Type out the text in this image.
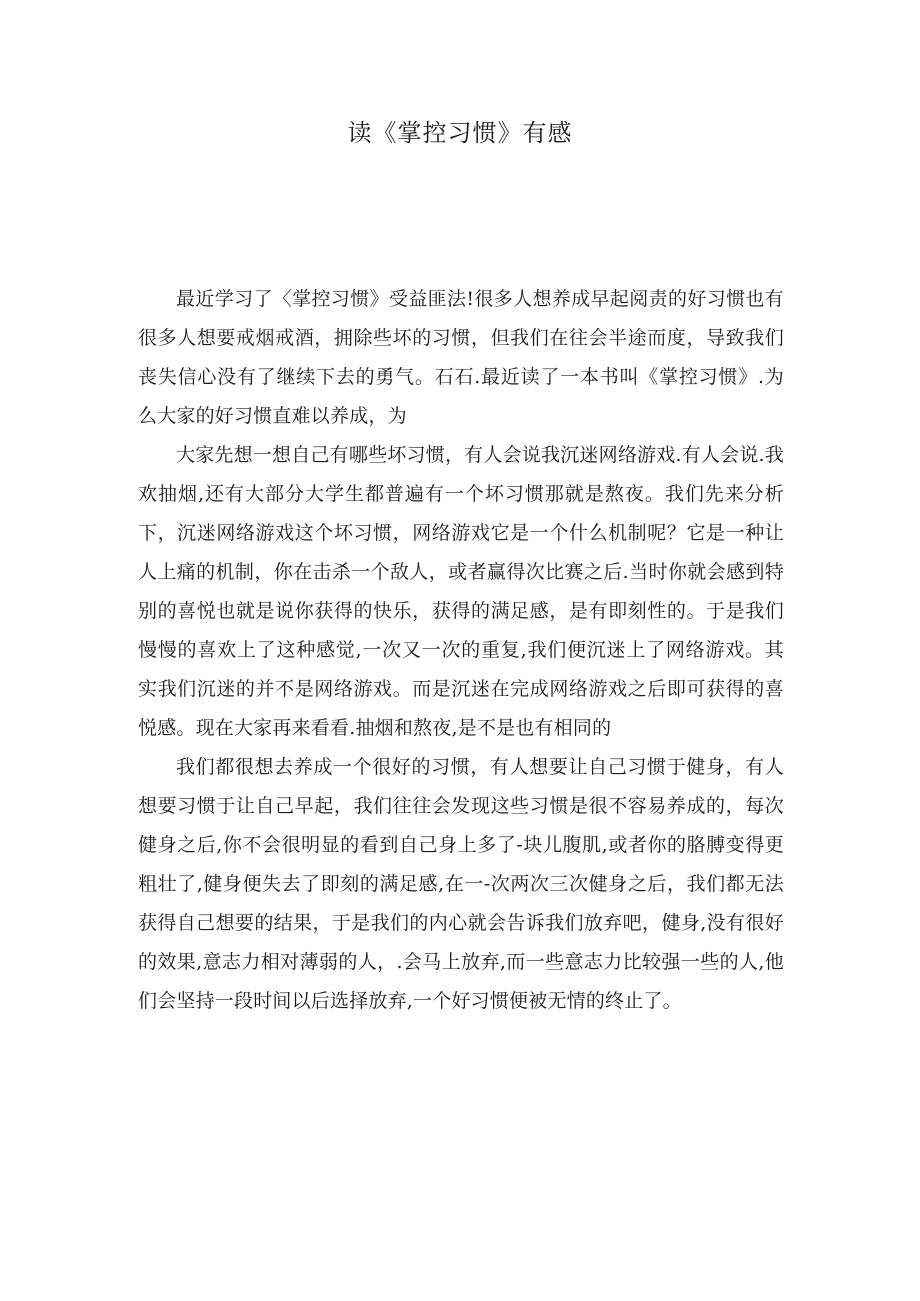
读《掌控习惯》有感

最近学习了〈掌控习惯》受益匪法!很多人想养成早起阅责的好习惯也有很多人想要戒烟戒酒，拥除些坏的习惯，但我们在往会半途而度，导致我们丧失信心没有了继续下去的勇气。石石.最近读了一本书叫《掌控习惯》.为么大家的好习惯直难以养成，为

大家先想一想自己有哪些坏习惯，有人会说我沉迷网络游戏.有人会说.我欢抽烟,还有大部分大学生都普遍有一个坏习惯那就是熬夜。我们先来分析下，沉迷网络游戏这个坏习惯，网络游戏它是一个什么机制呢？它是一种让人上痛的机制，你在击杀一个敌人，或者赢得次比赛之后.当时你就会感到特别的喜悦也就是说你获得的快乐，获得的满足感，是有即刻性的。于是我们慢慢的喜欢上了这种感觉,一次又一次的重复,我们便沉迷上了网络游戏。其实我们沉迷的并不是网络游戏。而是沉迷在完成网络游戏之后即可获得的喜悦感。现在大家再来看看.抽烟和熬夜,是不是也有相同的

我们都很想去养成一个很好的习惯，有人想要让自己习惯于健身，有人想要习惯于让自己早起，我们往往会发现这些习惯是很不容易养成的，每次健身之后,你不会很明显的看到自己身上多了-块儿腹肌,或者你的胳膊变得更粗壮了,健身便失去了即刻的满足感,在一-次两次三次健身之后，我们都无法获得自己想要的结果，于是我们的内心就会告诉我们放弃吧，健身,没有很好的效果,意志力相对薄弱的人，.会马上放弃,而一些意志力比较强一些的人,他们会坚持一段时间以后选择放弃,一个好习惯便被无情的终止了。
